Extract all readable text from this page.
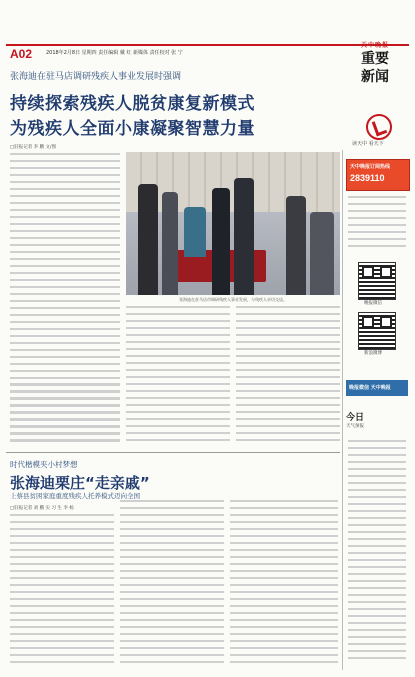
A02	2018年2月8日 星期四 责任编辑 戴 红 新媒体 责任校对 张 宁
天中晚报
重要
新闻
张海迪在驻马店调研残疾人事业发展时强调
持续探索残疾人脱贫康复新模式
为残疾人全面小康凝聚智慧力量
□驻报记者 李 鹏 文/图
张海迪在驻马店市调研残疾人事业发展，与残疾人亲切交谈。
读天中 看天下
天中晚报订阅热线
2839110
晚报微信
新浪微博
晚报微信 天中晚报
今日
天气预报
时代楷模夹小村梦想
张海迪栗庄“走亲戚”
上蔡县贫困家庭重度残疾人托养模式迈向全国
□驻报记者 刘 鹏 实 习 生 李 杨
